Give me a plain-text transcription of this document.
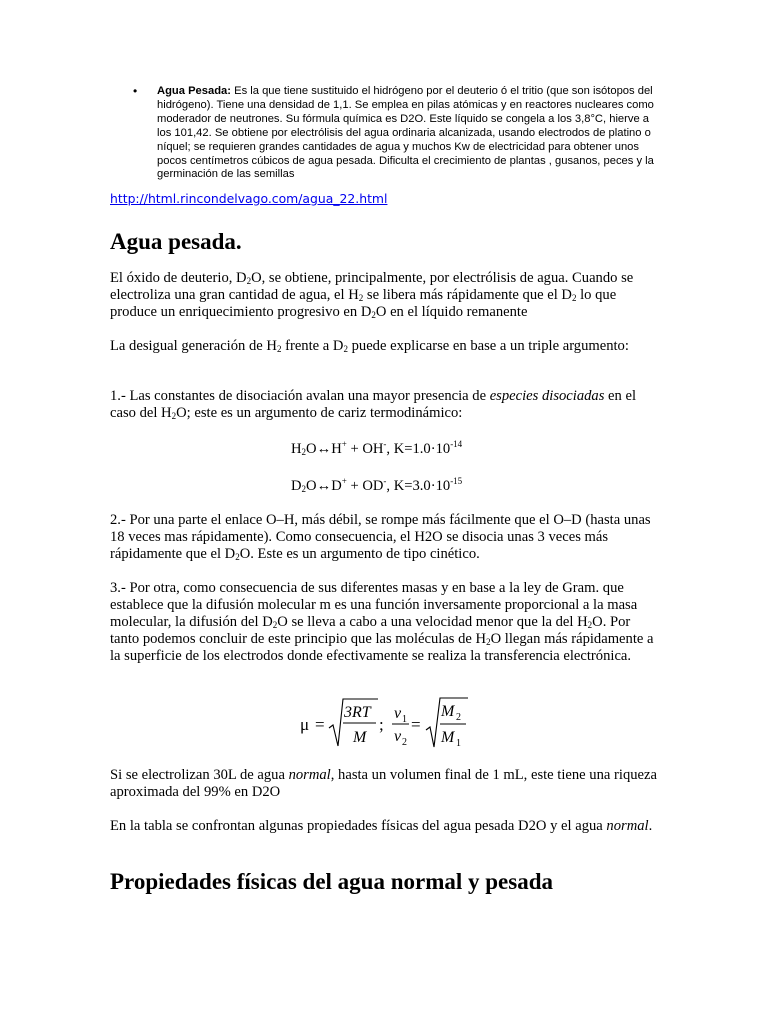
• Agua Pesada: Es la que tiene sustituido el hidrógeno por el deuterio ó el tritio (que son isótopos del hidrógeno). Tiene una densidad de 1,1. Se emplea en pilas atómicas y en reactores nucleares como moderador de neutrones. Su fórmula química es D2O. Este líquido se congela a los 3,8°C, hierve a los 101,42. Se obtiene por electrólisis del agua ordinaria alcanizada, usando electrodos de platino o níquel; se requieren grandes cantidades de agua y muchos Kw de electricidad para obtener unos pocos centímetros cúbicos de agua pesada. Dificulta el crecimiento de plantas , gusanos, peces y la germinación de las semillas
http://html.rincondelvago.com/agua_22.html
Agua pesada.
El óxido de deuterio, $D_2O$, se obtiene, principalmente, por electrólisis de agua. Cuando se electroliza una gran cantidad de agua, el $H_2$ se libera más rápidamente que el $D_2$ lo que produce un enriquecimiento progresivo en $D_2O$ en el líquido remanente
La desigual generación de $H_2$ frente a $D_2$ puede explicarse en base a un triple argumento:
1.- Las constantes de disociación avalan una mayor presencia de especies disociadas en el caso del $H_2O$; este es un argumento de cariz termodinámico:
$H_2O\leftrightarrow H^+ + OH^-$, $K=1.0\cdot 10^{-14}$
$D_2O\leftrightarrow D^+ + OD^-$, $K=3.0\cdot 10^{-15}$
2.- Por una parte el enlace O–H, más débil, se rompe más fácilmente que el O–D (hasta unas 18 veces mas rápidamente). Como consecuencia, el H2O se disocia unas 3 veces más rápidamente que el $D_2O$. Este es un argumento de tipo cinético.
3.- Por otra, como consecuencia de sus diferentes masas y en base a la ley de Gram. que establece que la difusión molecular m es una función inversamente proporcional a la masa molecular, la difusión del $D_2O$ se lleva a cabo a una velocidad menor que la del $H_2O$. Por tanto podemos concluir de este principio que las moléculas de $H_2O$ llegan más rápidamente a la superficie de los electrodos donde efectivamente se realiza la transferencia electrónica.
μ =
3RT
M
;
v 1
v 2
=
M 2
M 1
Si se electrolizan 30L de agua normal, hasta un volumen final de 1 mL, este tiene una riqueza aproximada del 99% en D2O
En la tabla se confrontan algunas propiedades físicas del agua pesada D2O y el agua normal.
Propiedades físicas del agua normal y pesada
